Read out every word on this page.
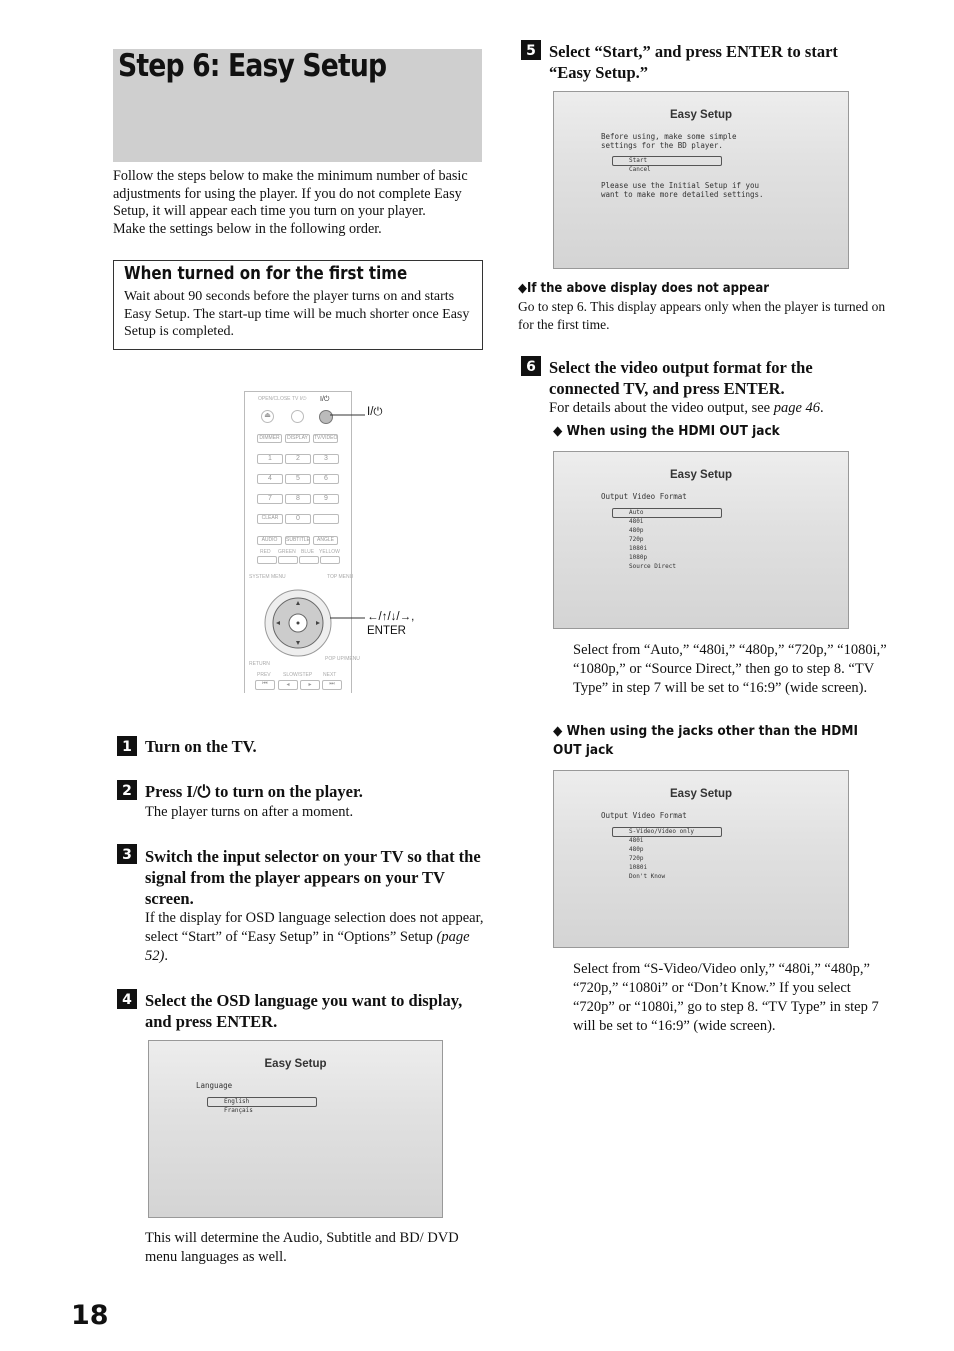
Step 6: Easy Setup
Follow the steps below to make the minimum number of basic adjustments for using the player. If you do not complete Easy Setup, it will appear each time you turn on your player.
Make the settings below in the following order.
When turned on for the first time

Wait about 90 seconds before the player turns on and starts Easy Setup. The start-up time will be much shorter once Easy Setup is completed.

OPEN/CLOSE TV I/⏻ I/⏻
⏏
DIMMER	DISPLAY	TV/VIDEO
1	2	3
4	5	6
7	8	9
CLEAR	0
AUDIO	SUBTITLE	ANGLE
RED GREEN BLUE YELLOW
SYSTEM MENU	TOP MENU
RETURN
POP UP/MENU
PREV SLOW/STEP NEXT
⏮	◂	▸	⏭
I/⏻
←/↑/↓/→,
ENTER
1 Turn on the TV.
2 Press I/⏻ to turn on the player.
The player turns on after a moment.
3 Switch the input selector on your TV so that the signal from the player appears on your TV screen.
If the display for OSD language selection does not appear, select “Start” of “Easy Setup” in “Options” Setup (page 52).
4 Select the OSD language you want to display, and press ENTER.
Easy Setup
Language
English
Français
This will determine the Audio, Subtitle and BD/ DVD menu languages as well.
5 Select “Start,” and press ENTER to start “Easy Setup.”
Easy Setup
Before using, make some simple
settings for the BD player.
Start
Cancel
Please use the Initial Setup if you
want to make more detailed settings.
◆If the above display does not appear
Go to step 6. This display appears only when the player is turned on for the first time.
6 Select the video output format for the connected TV, and press ENTER.
For details about the video output, see page 46.
◆ When using the HDMI OUT jack
Easy Setup
Output Video Format
Auto
480i
480p
720p
1080i
1080p
Source Direct
Select from “Auto,” “480i,” “480p,” “720p,” “1080i,” “1080p,” or “Source Direct,” then go to step 8. “TV Type” in step 7 will be set to “16:9” (wide screen).
◆ When using the jacks other than the HDMI OUT jack
Easy Setup
Output Video Format
S-Video/Video only
480i
480p
720p
1080i
Don't Know
Select from “S-Video/Video only,” “480i,” “480p,” “720p,” “1080i” or “Don’t Know.” If you select “720p” or “1080i,” go to step 8. “TV Type” in step 7 will be set to “16:9” (wide screen).
18
